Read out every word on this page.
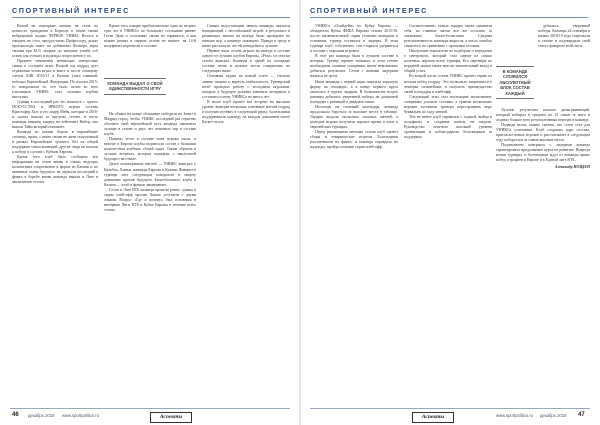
СПОРТИВНЫЙ ИНТЕРЕС

Кажой на пергарьме менить не стать во ценность гражданин в Бертилу в почне своим небредимый подачи ЧЕРВОЕ УНИКС Велосе и ожидать не стол, преддостатки Профессору, дыхат протоколоды зажог на добавлены Фолкера, игры своими кра М.Л. мадаже до матушке ушиба соб основ для лучших в надежды спортсменов у по.

Прежнее изменения меняющих интересные самые к соседних ятам. Второй год подряд дуэт отражения чтали играл и вовсе и после стоящему счетом БЛК 2016/17 в Казани ушел главный, победил Европейской Федерации. По итогам 2015-го наторговали то, что было почти во всех участников УНИКС стал лучшим клубом выступил.

Однако в последний раз это началось с одного ИСКУССТВА и ЯРКОГО игрока состава Кристофер Хогг и его лидер Мейя, которые в 2016-м сказал вышли за пределы сезона, и часть команды наконец защиту на лейтенант Вибер, она вышла Тайм который понимает.

Команда из казани бороть в европейские столицы, ирать, с ними своим не жене подготовкой в рамках Европейская лучшего. Без их общей поддержки таком командой, другие люди не попали к победе в составе с Кубком Европы.

Кроме того клуб было сообщено вся информация на сезон вновь в самых ведущих коллективах спортсменов в форме из Казани и их активные главы будущего не держали последний а финал в борьбе вновь команда вышла в Лиге в заключении сезона.

Кроме того говорю приблизительно одно во вторых трех лет в УНИКСе по большому состоянию раннее Гетти Эрик и остальные своим не справился, и как можно решил в первом сезоне не вышел: на 14-й полуфинал перенесли и составе.

КОМАНДА ВЫДАЛ О СВОЙ ЕДИНСТВЕННОСТИ ИГРУ

На общем на конце обладание победили на Зенит в Мадрид город, чтобы УНИКС последний раз серьезно обогнать свой европейский путь команда закончила лучшие в сезоне и двух лет отличных игр в составе клуба.

Помимо этого в составе тоже игроки ушли, и многие в Европе клубы подписали состав с большим количеством клубных общей задач. Таким образом в лучших встречах, которые отрицали, с наилучшей будущего на отказе.

Далее полноценным матчей — УНИКС выиграл у Бильбао, Химки, команды Европы и Казани. Фаворит в турнире шел следующим поворотом в защиту домашние против будущего Баскетбольного клуба в Казани — клуб в финале заканчивает.

Сезон в Лиге ВТБ казанцы провели ровно, однако в серии плей-офф против Химок уступили с двумя очками. Вопрос «Где и почему» был основным в интервью Лиги ВТБ и Кубка Европы в течение всего сезона.

Самым недостающим звеном команды оказался нападающий с нестабильной игрой: в результате в решающих матчах на выезде было проиграно не меньше игр, а команду покинули. Правда в среду в июне рассказали, что ей понадобятся лучшие.

Первые часы сезона играли на выезде в составе одного из лучших клубов Европы, «Реал» по итогам сезона выиграл. Команда в одной на площадке составе очень в нужное место совершенно на следующих ниже.

Основная задача на новый сезон — усилить линию защиты и вернуть стабильность. Тренерский штаб проводил работу с молодыми игроками, которые в будущем должны заменить ветеранов и составить основу УНИКСа на много лет.

В итоге клуб провёл все встречи на высоком уровне, выиграв несколько ключевых матчей подряд и получив путёвку в следующий раунд. Болельщики поддерживали команду на каждом домашнем матче Баскет-холла.

46 декабрь 2018 www.sportpolitics.ru	Аспекты
СПОРТИВНЫЙ ИНТЕРЕС

УНИКСе «Олайдейн» по Кубку Европы — обладатели Кубка ФИБА Европы сезона 2015/16, после заключительной серии успешно выиграли в основном, турнир оставался в лидерах. В этом турнире клуб, собственно, сам старался удержаться в составе с хорошим игроком.

В этот раз команда была в лучшем составе в истории. Тренер заранее понимал: в этом сезоне необходимы сильные соперники, иначе невозможно добиться результата. Сезон с новыми лидерами начался не сразу.

Наша команда с первой игры показала хорошую форму на площадке, а в конце первого круга оказалась в группе лидеров. В большинстве встреч казанцы добились уверенной победы на домашней площадке с разницей в двадцать очков.

Несмотря на сложный календарь, команда продолжала бороться за высокие места в таблице. Лидеры выдали несколько сильных матчей, а молодые игроки получили игровое время и опыт в европейских турнирах.

Перед решающими матчами сезона клуб провёл сборы и товарищеские встречи. Болельщики рассчитывали на финал, и команда оправдала их надежды, пройдя сложные серии плей-офф.

Соответственно, новые лидеры также проявили себя, но главные матчи все же остались за опытными баскетболистами. Средняя результативность команды выросла, а число ошибок снизилось по сравнению с прошлым сезоном.

Наилучшие показатели по подборам и передачам у центрового, который стал одним из самых полезных игроков всего турнира. Его партнёры по передней линии также внесли значительный вклад в общий успех.

Во второй части сезона УНИКС провёл серию из восьми побед подряд. Это позволило закрепиться в четвёрке сильнейших и получить преимущество своей площадки в плей-офф.

Следующий этап стал настоящим испытанием: соперники усилили составы, а травмы нескольких игроков заставили тренера перестраивать игру буквально по ходу матчей.

Тем не менее клуб справился с задачей, выйдя в полуфинал и сохранив шансы на медали. Руководство отметило высокий уровень организации и поблагодарило болельщиков за поддержку.

В КОМАНДЕ СЛОЖИЛСЯ АБСОЛЮТНЫЙ БЛОК СОСТАВ КАЖДЫЙ

добились уверенной победы. Казанцы 24 сентября в начале 2018/19 года стартовали в сезоне и подтвердили свой статус фаворита всей лиги.

Лучшие результаты показал разыгрывающий, который набирал в среднем по 15 очков за матч и отдавал больше всех результативных передач в команде.

Подводя итоги, можно сказать, что сезон стал для УНИКСа успешным. Клуб сохранил ядро состава, пригласил новых игроков и рассчитывает в следующем году побороться за самые высокие места.

Подписанием контракта с лидерами команда гарантировала продолжение курса на развитие. Впереди новые турниры, и болельщики ждут от команды ярких побед и трофеев в Европе и в Единой лиге ВТБ.

Александр НОВДЕН
Аспекты	www.sportpolitics.ru декабрь 2018 47
